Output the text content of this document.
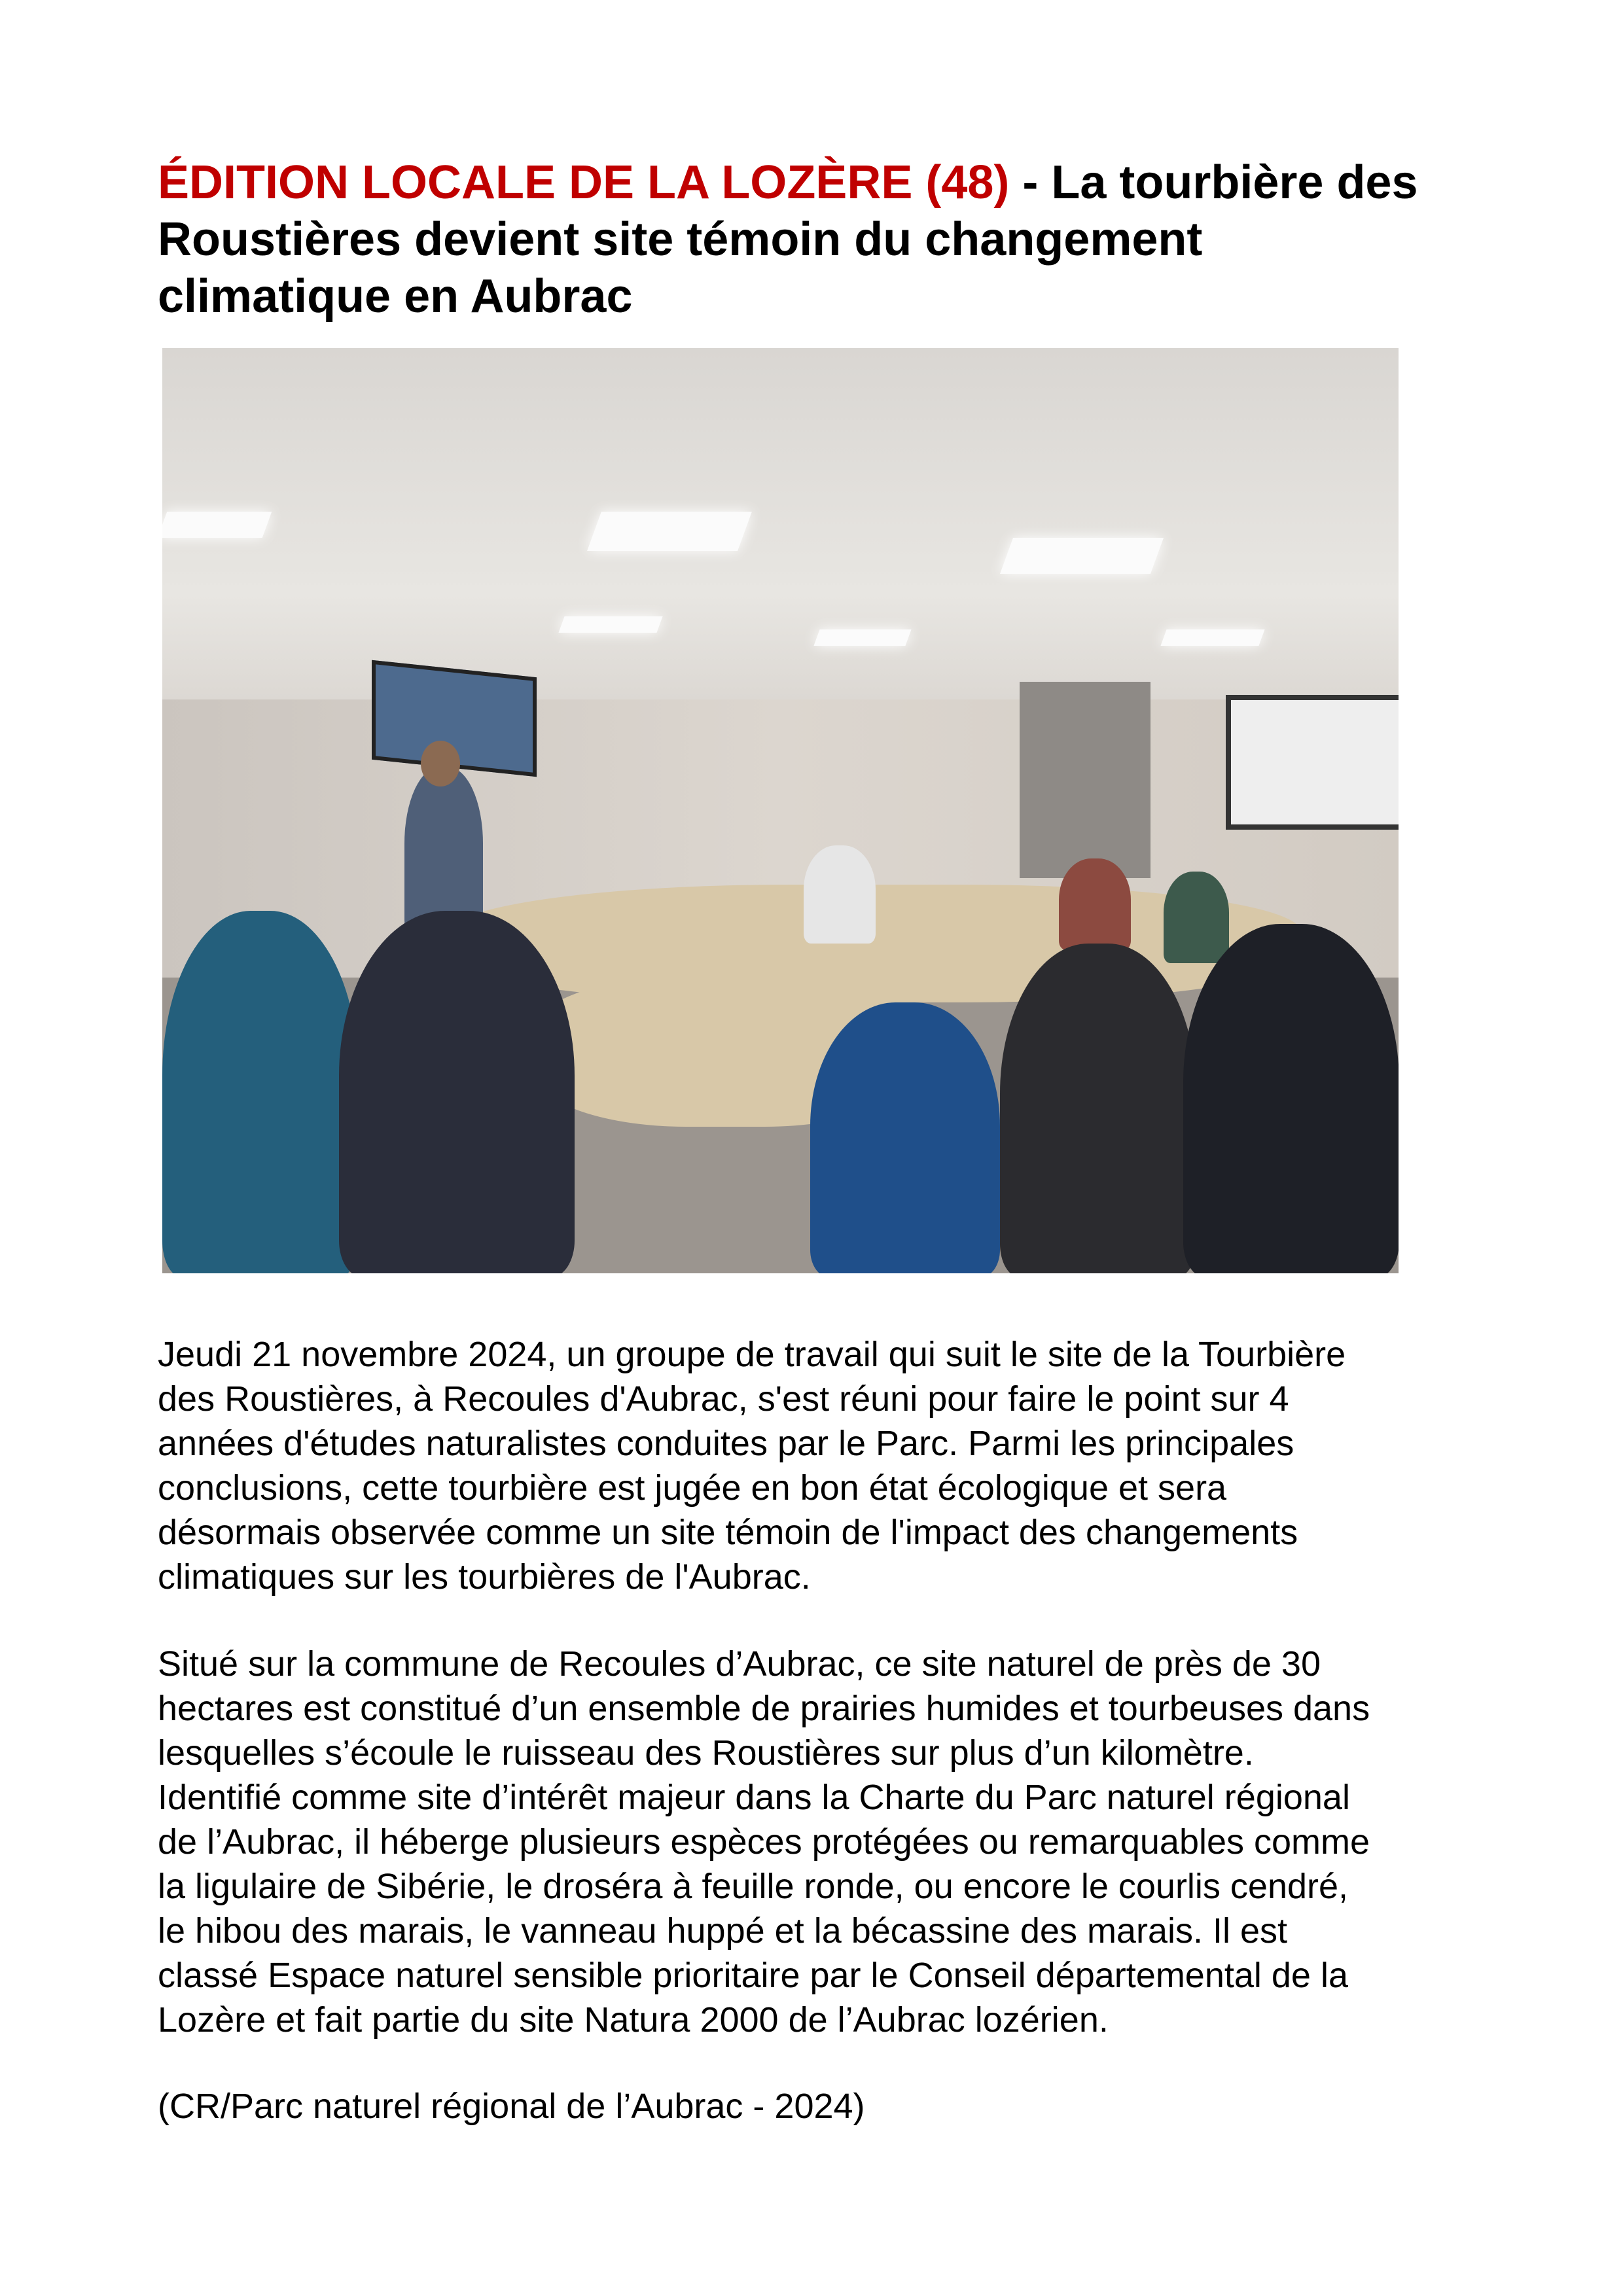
ÉDITION LOCALE DE LA LOZÈRE (48) - La tourbière des
Roustières devient site témoin du changement
climatique en Aubrac
Jeudi 21 novembre 2024, un groupe de travail qui suit le site de la Tourbière
des Roustières, à Recoules d'Aubrac, s'est réuni pour faire le point sur 4
années d'études naturalistes conduites par le Parc. Parmi les principales
conclusions, cette tourbière est jugée en bon état écologique et sera
désormais observée comme un site témoin de l'impact des changements
climatiques sur les tourbières de l'Aubrac.
Situé sur la commune de Recoules d’Aubrac, ce site naturel de près de 30
hectares est constitué d’un ensemble de prairies humides et tourbeuses dans
lesquelles s’écoule le ruisseau des Roustières sur plus d’un kilomètre.
Identifié comme site d’intérêt majeur dans la Charte du Parc naturel régional
de l’Aubrac, il héberge plusieurs espèces protégées ou remarquables comme
la ligulaire de Sibérie, le droséra à feuille ronde, ou encore le courlis cendré,
le hibou des marais, le vanneau huppé et la bécassine des marais. Il est
classé Espace naturel sensible prioritaire par le Conseil départemental de la
Lozère et fait partie du site Natura 2000 de l’Aubrac lozérien.
(CR/Parc naturel régional de l’Aubrac - 2024)
